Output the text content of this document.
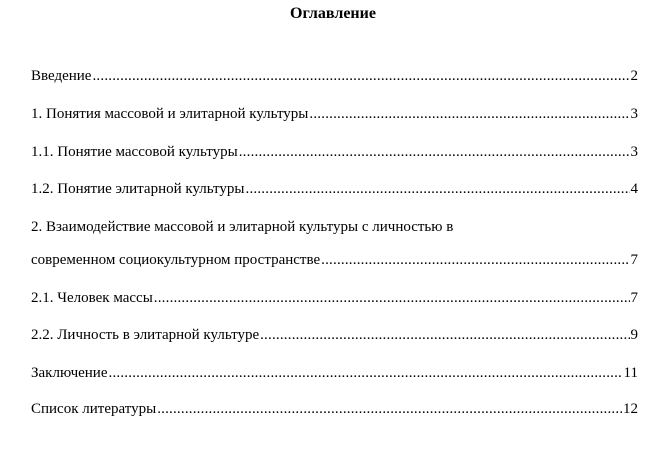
Оглавление
Введение .....	2
1. Понятия массовой и элитарной культуры .....	3
1.1. Понятие массовой культуры .....	3
1.2. Понятие элитарной культуры .....	4
2. Взаимодействие массовой и элитарной культуры с личностью в
современном социокультурном пространстве .....	7
2.1. Человек массы .....	7
2.2. Личность в элитарной культуре .....	9
Заключение .....	11
Список литературы .....	12
